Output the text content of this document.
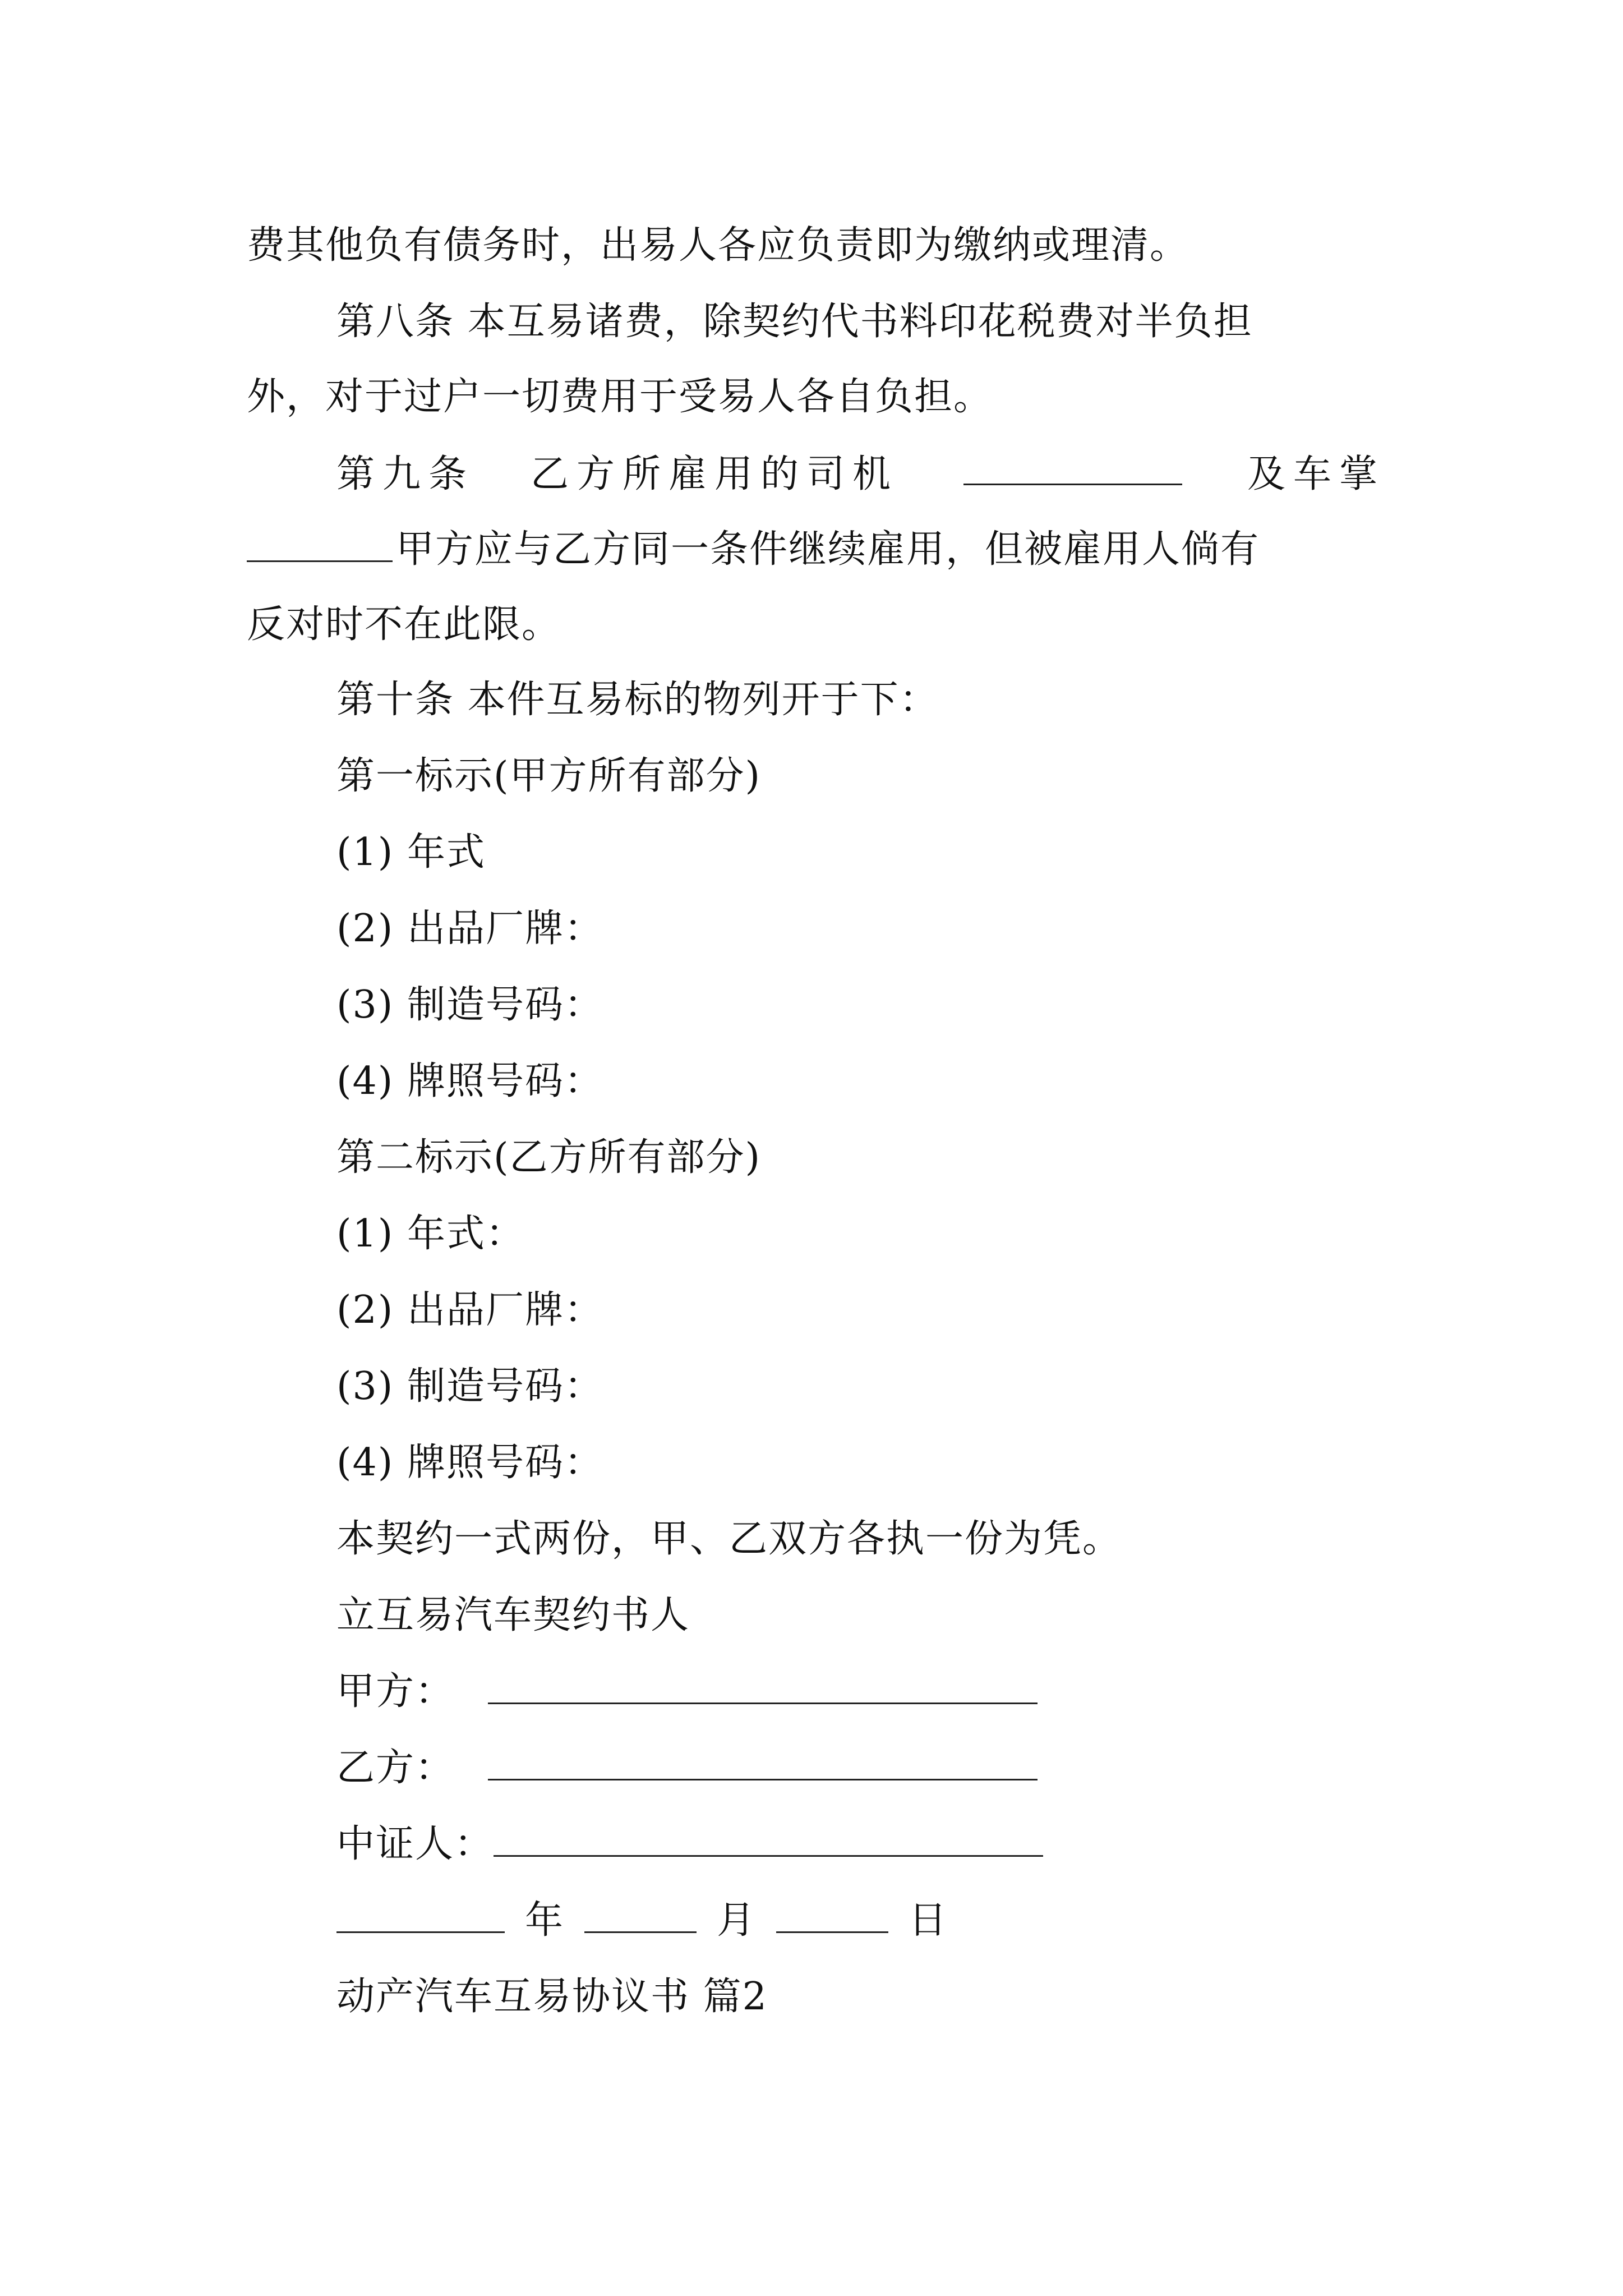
费其他负有债务时，出易人各应负责即为缴纳或理清。
第八条 本互易诸费，除契约代书料印花税费对半负担
外，对于过户一切费用于受易人各自负担。
第九条 乙方所雇用的司机	及车掌
甲方应与乙方同一条件继续雇用，但被雇用人倘有
反对时不在此限。
第十条 本件互易标的物列开于下：
第一标示(甲方所有部分)
(1) 年式
(2) 出品厂牌：
(3) 制造号码：
(4) 牌照号码：
第二标示(乙方所有部分)
(1) 年式：
(2) 出品厂牌：
(3) 制造号码：
(4) 牌照号码：
本契约一式两份，甲、乙双方各执一份为凭。
立互易汽车契约书人
甲方：
乙方：
中证人：
年	月	日
动产汽车互易协议书 篇2
